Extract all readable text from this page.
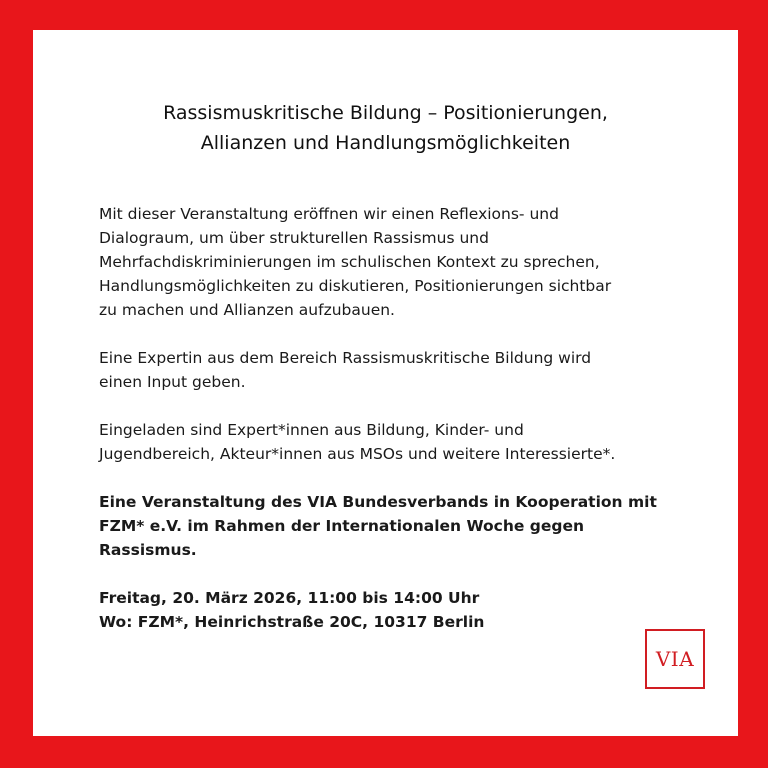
Rassismuskritische Bildung – Positionierungen,
Allianzen und Handlungsmöglichkeiten

Mit dieser Veranstaltung eröffnen wir einen Reflexions- und
Dialograum, um über strukturellen Rassismus und
Mehrfachdiskriminierungen im schulischen Kontext zu sprechen,
Handlungsmöglichkeiten zu diskutieren, Positionierungen sichtbar
zu machen und Allianzen aufzubauen.

Eine Expertin aus dem Bereich Rassismuskritische Bildung wird
einen Input geben.

Eingeladen sind Expert*innen aus Bildung, Kinder- und
Jugendbereich, Akteur*innen aus MSOs und weitere Interessierte*.

Eine Veranstaltung des VIA Bundesverbands in Kooperation mit
FZM* e.V. im Rahmen der Internationalen Woche gegen
Rassismus.

Freitag, 20. März 2026, 11:00 bis 14:00 Uhr
Wo: FZM*, Heinrichstraße 20C, 10317 Berlin

VIA
